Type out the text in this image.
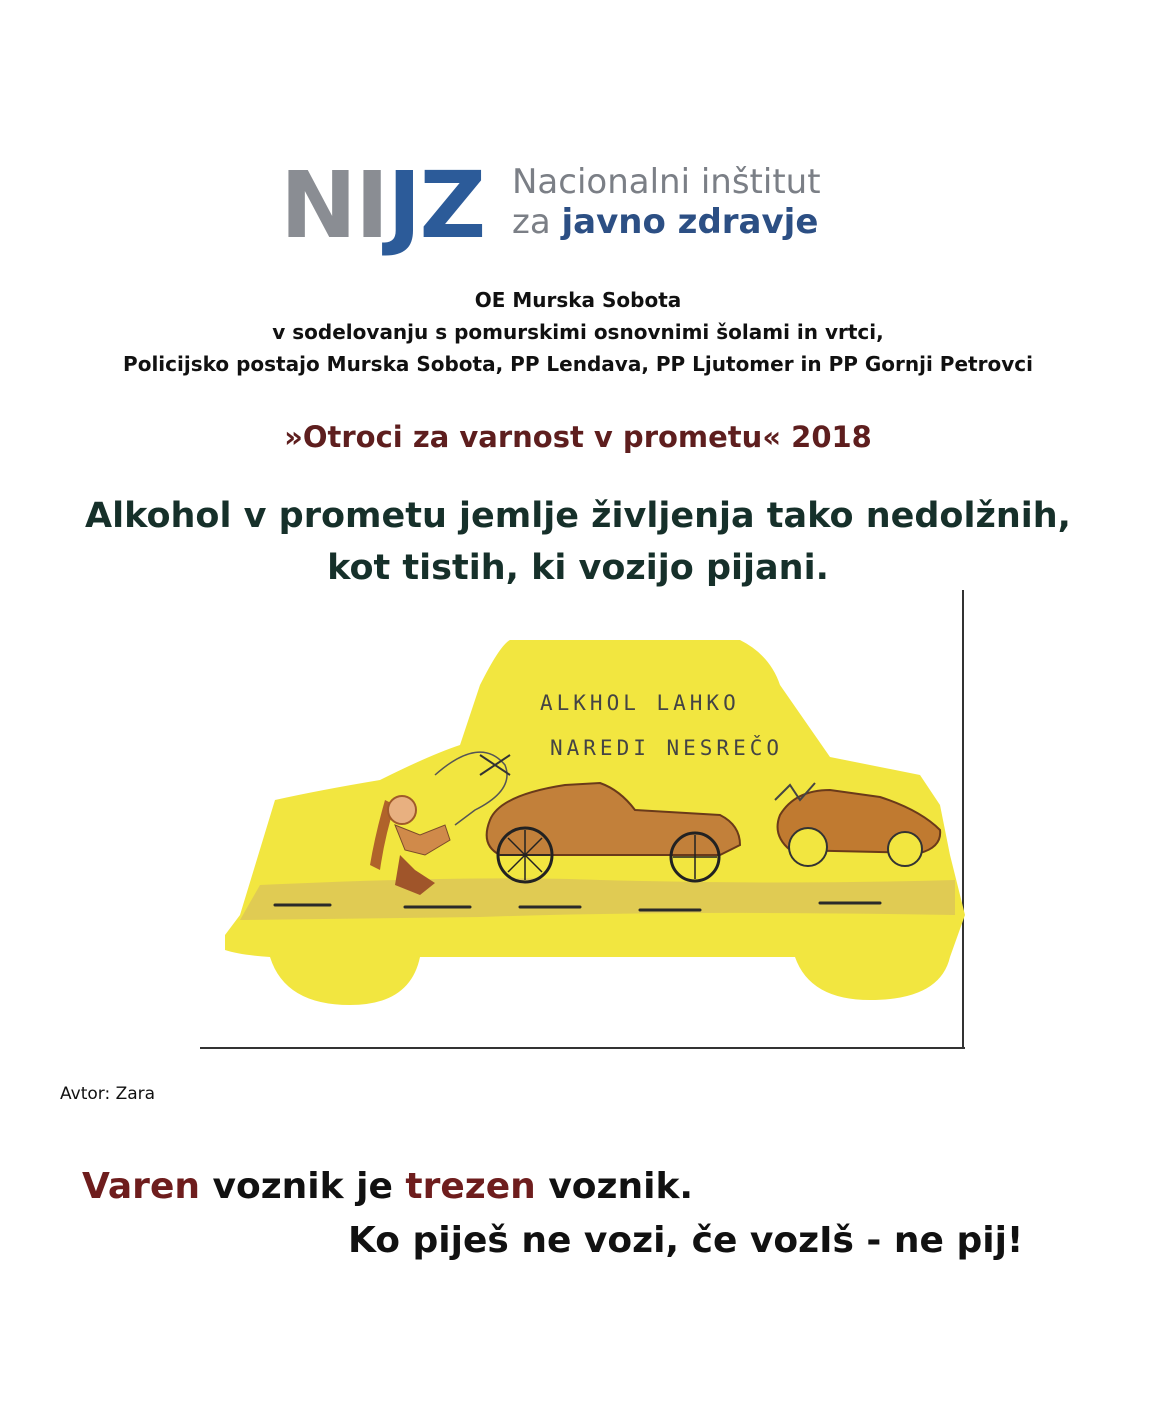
NIJZ Nacionalni inštitut
za javno zdravje
OE Murska Sobota
v sodelovanju s pomurskimi osnovnimi šolami in vrtci,
Policijsko postajo Murska Sobota, PP Lendava, PP Ljutomer in PP Gornji Petrovci
»Otroci za varnost v prometu« 2018
Alkohol v prometu jemlje življenja tako nedolžnih,
kot tistih, ki vozijo pijani.
ALKHOL LAHKO
NAREDI NESREČO
Avtor: Zara
Varen voznik je trezen voznik.
Ko piješ ne vozi, če vozIš - ne pij!
